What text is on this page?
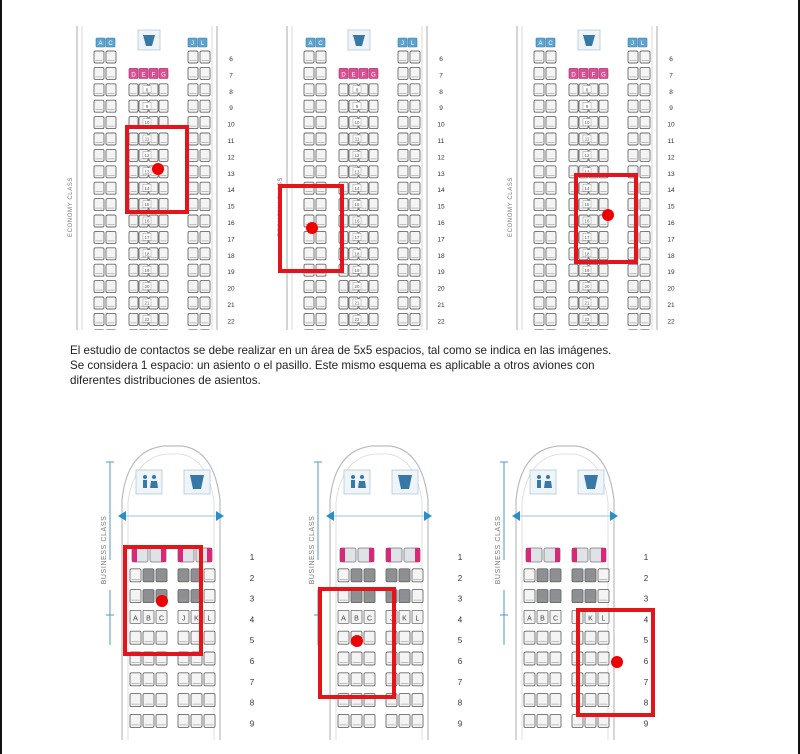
ECONOMY CLASS
A C	J L
6
7
D E F G
8
8
9
9
10
10
11
11
12
12
13
13
14
14
15
15
16
16
17
17
18
18
19
19
20
20
21
21
22
22
ECONOMY CLASS
A C	J L
6
7
D E F G
8
8
9
9
10
10
11
11
12
12
13
13
14
14
15
15
16
16
17
17
18
18
19
19
20
20
21
21
22
22
ECONOMY CLASS
A C	J L
6
7
D E F G
8
8
9
9
10
10
11
11
12
12
13
13
14
14
15
15
16
16
17
17
18
18
19
19
20
20
21
21
22
22

El estudio de contactos se debe realizar en un área de 5x5 espacios, tal como se indica en las imágenes.

Se considera 1 espacio: un asiento o el pasillo. Este mismo esquema es aplicable a otros aviones con

diferentes distribuciones de asientos.

BUSINESS CLASS	1
2
3
4
A B C	J K L
5
6
7
8
9
BUSINESS CLASS	1
2
3
4
A B C	J K L
5
6
7
8
9
BUSINESS CLASS	1
2
3
4
A B C	J K L
5
6
7
8
9
